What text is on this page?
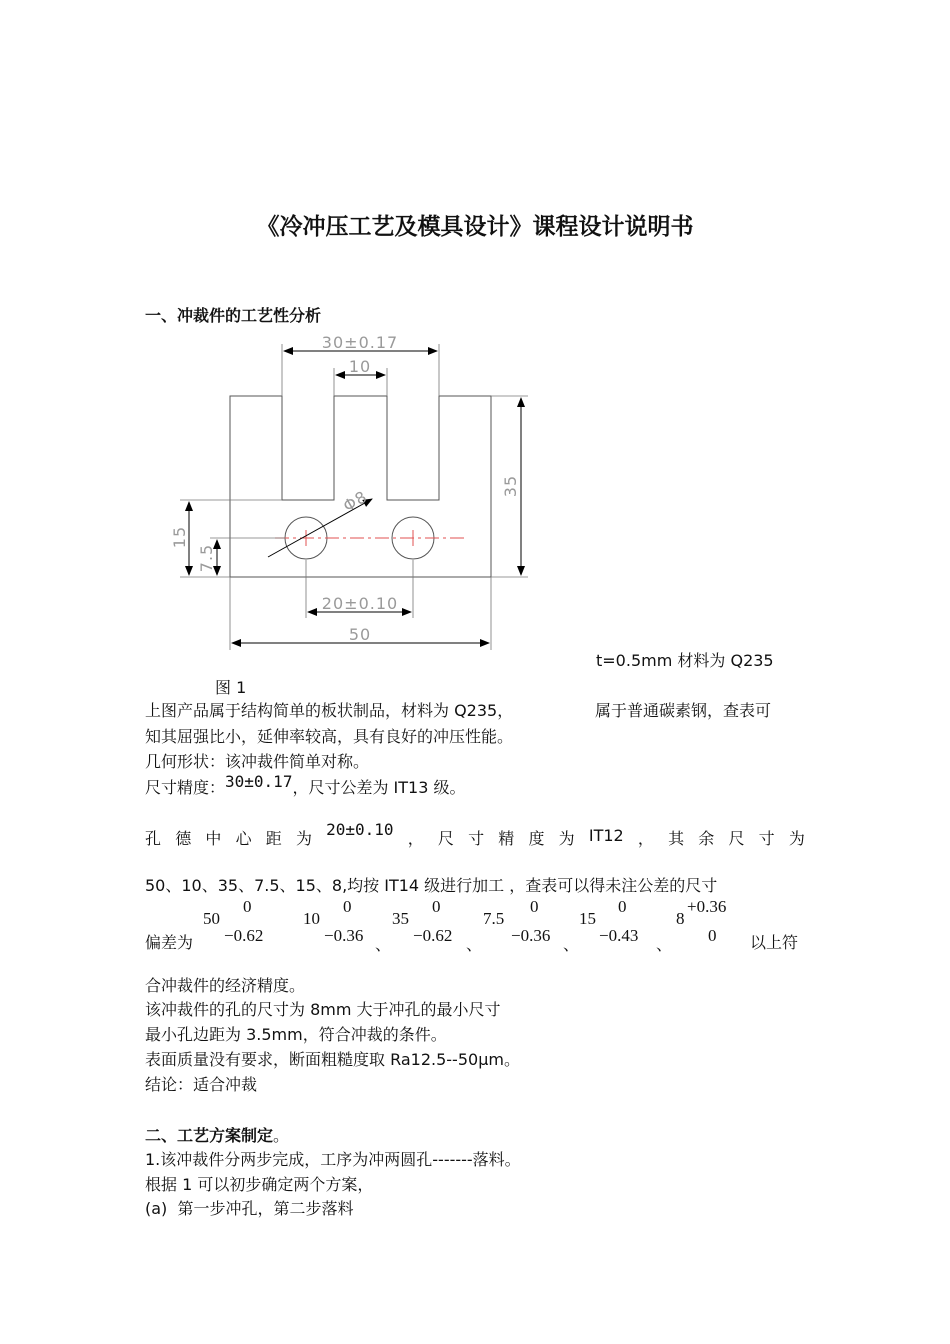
《冷冲压工艺及模具设计》课程设计说明书
一、冲裁件的工艺性分析
30±0.17
10
35
Φ8
15
7.5
20±0.10
50
t=0.5mm 材料为 Q235
图 1
上图产品属于结构简单的板状制品，材料为 Q235，	属于普通碳素钢，查表可
知其屈强比小，延伸率较高，具有良好的冲压性能。
几何形状：该冲裁件简单对称。
尺寸精度：30±0.17，尺寸公差为 IT13 级。
孔 德 中 心 距 为 20±0.10 ， 尺 寸 精 度 为 IT12 ， 其 余 尺 寸 为
50、10、35、7.5、15、8,均按 IT14 级进行加工 ，查表可以得未注公差的尺寸
偏差为
50
0
−0.62
10
0
−0.36 、
35
0
−0.62 、
7.5
0
−0.36 、
15
0
−0.43 、
8
+0.36
0 以上符
合冲裁件的经济精度。
该冲裁件的孔的尺寸为 8mm 大于冲孔的最小尺寸
最小孔边距为 3.5mm，符合冲裁的条件。
表面质量没有要求，断面粗糙度取 Ra12.5--50μm。
结论：适合冲裁
二、工艺方案制定。
1.该冲裁件分两步完成，工序为冲两圆孔-------落料。
根据 1 可以初步确定两个方案，
(a)  第一步冲孔，第二步落料
